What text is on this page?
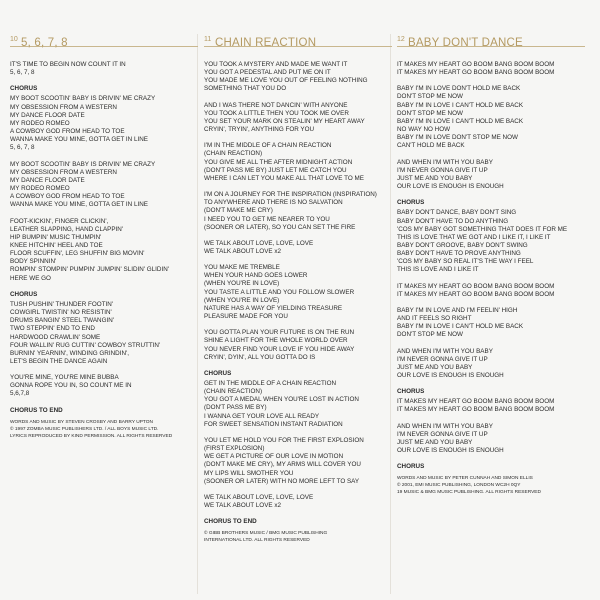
10 5, 6, 7, 8
IT'S TIME TO BEGIN NOW COUNT IT IN
5, 6, 7, 8
CHORUS
MY BOOT SCOOTIN' BABY IS DRIVIN' ME CRAZY
MY OBSESSION FROM A WESTERN
MY DANCE FLOOR DATE
MY RODEO ROMEO
A COWBOY GOD FROM HEAD TO TOE
WANNA MAKE YOU MINE, GOTTA GET IN LINE
5, 6, 7, 8
MY BOOT SCOOTIN' BABY IS DRIVIN' ME CRAZY
MY OBSESSION FROM A WESTERN
MY DANCE FLOOR DATE
MY RODEO ROMEO
A COWBOY GOD FROM HEAD TO TOE
WANNA MAKE YOU MINE, GOTTA GET IN LINE
FOOT-KICKIN', FINGER CLICKIN',
LEATHER SLAPPING, HAND CLAPPIN'
HIP BUMPIN' MUSIC THUMPIN'
KNEE HITCHIN' HEEL AND TOE
FLOOR SCUFFIN', LEG SHUFFIN' BIG MOVIN'
BODY SPINNIN'
ROMPIN' STOMPIN' PUMPIN' JUMPIN' SLIDIN' GLIDIN'
HERE WE GO
CHORUS
TUSH PUSHIN' THUNDER FOOTIN'
COWGIRL TWISTIN' NO RESISTIN'
DRUMS BANGIN' STEEL TWANGIN'
TWO STEPPIN' END TO END
HARDWOOD CRAWLIN' SOME
FOUR WALLIN' RUG CUTTIN' COWBOY STRUTTIN'
BURNIN' YEARNIN', WINDING GRINDIN',
LET'S BEGIN THE DANCE AGAIN
YOU'RE MINE, YOU'RE MINE BUBBA
GONNA ROPE YOU IN, SO COUNT ME IN
5,6,7,8
CHORUS TO END
WORDS AND MUSIC BY STEVEN CROSBY AND BARRY UPTON
© 1997 ZOMBA MUSIC PUBLISHERS LTD. / ALL BOYS MUSIC LTD.
LYRICS REPRODUCED BY KIND PERMISSION. ALL RIGHTS RESERVED
11 CHAIN REACTION
YOU TOOK A MYSTERY AND MADE ME WANT IT
YOU GOT A PEDESTAL AND PUT ME ON IT
YOU MADE ME LOVE YOU OUT OF FEELING NOTHING
SOMETHING THAT YOU DO
AND I WAS THERE NOT DANCIN' WITH ANYONE
YOU TOOK A LITTLE THEN YOU TOOK ME OVER
YOU SET YOUR MARK ON STEALIN' MY HEART AWAY
CRYIN', TRYIN', ANYTHING FOR YOU
I'M IN THE MIDDLE OF A CHAIN REACTION
(CHAIN REACTION)
YOU GIVE ME ALL THE AFTER MIDNIGHT ACTION
(DON'T PASS ME BY) JUST LET ME CATCH YOU
WHERE I CAN LET YOU MAKE ALL THAT LOVE TO ME
I'M ON A JOURNEY FOR THE INSPIRATION (INSPIRATION)
TO ANYWHERE AND THERE IS NO SALVATION
(DON'T MAKE ME CRY)
I NEED YOU TO GET ME NEARER TO YOU
(SOONER OR LATER), SO YOU CAN SET THE FIRE
WE TALK ABOUT LOVE, LOVE, LOVE
WE TALK ABOUT LOVE x2
YOU MAKE ME TREMBLE
WHEN YOUR HAND GOES LOWER
(WHEN YOU'RE IN LOVE)
YOU TASTE A LITTLE AND YOU FOLLOW SLOWER
(WHEN YOU'RE IN LOVE)
NATURE HAS A WAY OF YIELDING TREASURE
PLEASURE MADE FOR YOU
YOU GOTTA PLAN YOUR FUTURE IS ON THE RUN
SHINE A LIGHT FOR THE WHOLE WORLD OVER
YOU NEVER FIND YOUR LOVE IF YOU HIDE AWAY
CRYIN', DYIN', ALL YOU GOTTA DO IS
CHORUS
GET IN THE MIDDLE OF A CHAIN REACTION
(CHAIN REACTION)
YOU GOT A MEDAL WHEN YOU'RE LOST IN ACTION
(DON'T PASS ME BY)
I WANNA GET YOUR LOVE ALL READY
FOR SWEET SENSATION INSTANT RADIATION
YOU LET ME HOLD YOU FOR THE FIRST EXPLOSION
(FIRST EXPLOSION)
WE GET A PICTURE OF OUR LOVE IN MOTION
(DON'T MAKE ME CRY), MY ARMS WILL COVER YOU
MY LIPS WILL SMOTHER YOU
(SOONER OR LATER) WITH NO MORE LEFT TO SAY
WE TALK ABOUT LOVE, LOVE, LOVE
WE TALK ABOUT LOVE x2
CHORUS TO END
© GIBB BROTHERS MUSIC / BMG MUSIC PUBLISHING
INTERNATIONAL LTD. ALL RIGHTS RESERVED
12 BABY DON'T DANCE
IT MAKES MY HEART GO BOOM BANG BOOM BOOM
IT MAKES MY HEART GO BOOM BANG BOOM BOOM
BABY I'M IN LOVE DON'T HOLD ME BACK
DON'T STOP ME NOW
BABY I'M IN LOVE I CAN'T HOLD ME BACK
DON'T STOP ME NOW
BABY I'M IN LOVE I CAN'T HOLD ME BACK
NO WAY NO HOW
BABY I'M IN LOVE DON'T STOP ME NOW
CAN'T HOLD ME BACK
AND WHEN I'M WITH YOU BABY
I'M NEVER GONNA GIVE IT UP
JUST ME AND YOU BABY
OUR LOVE IS ENOUGH IS ENOUGH
CHORUS
BABY DON'T DANCE, BABY DON'T SING
BABY DON'T HAVE TO DO ANYTHING
'COS MY BABY GOT SOMETHING THAT DOES IT FOR ME
THIS IS LOVE THAT WE GOT AND I LIKE IT, I LIKE IT
BABY DON'T GROOVE, BABY DON'T SWING
BABY DON'T HAVE TO PROVE ANYTHING
'COS MY BABY SO REAL IT'S THE WAY I FEEL
THIS IS LOVE AND I LIKE IT
IT MAKES MY HEART GO BOOM BANG BOOM BOOM
IT MAKES MY HEART GO BOOM BANG BOOM BOOM
BABY I'M IN LOVE AND I'M FEELIN' HIGH
AND IT FEELS SO RIGHT
BABY I'M IN LOVE I CAN'T HOLD ME BACK
DON'T STOP ME NOW
AND WHEN I'M WITH YOU BABY
I'M NEVER GONNA GIVE IT UP
JUST ME AND YOU BABY
OUR LOVE IS ENOUGH IS ENOUGH
CHORUS
IT MAKES MY HEART GO BOOM BANG BOOM BOOM
IT MAKES MY HEART GO BOOM BANG BOOM BOOM
AND WHEN I'M WITH YOU BABY
I'M NEVER GONNA GIVE IT UP
JUST ME AND YOU BABY
OUR LOVE IS ENOUGH IS ENOUGH
CHORUS
WORDS AND MUSIC BY PETER CUNNAH AND SIMON ELLIS
© 2001, EMI MUSIC PUBLISHING, LONDON WC2H 0QY
19 MUSIC & BMG MUSIC PUBLISHING. ALL RIGHTS RESERVED
